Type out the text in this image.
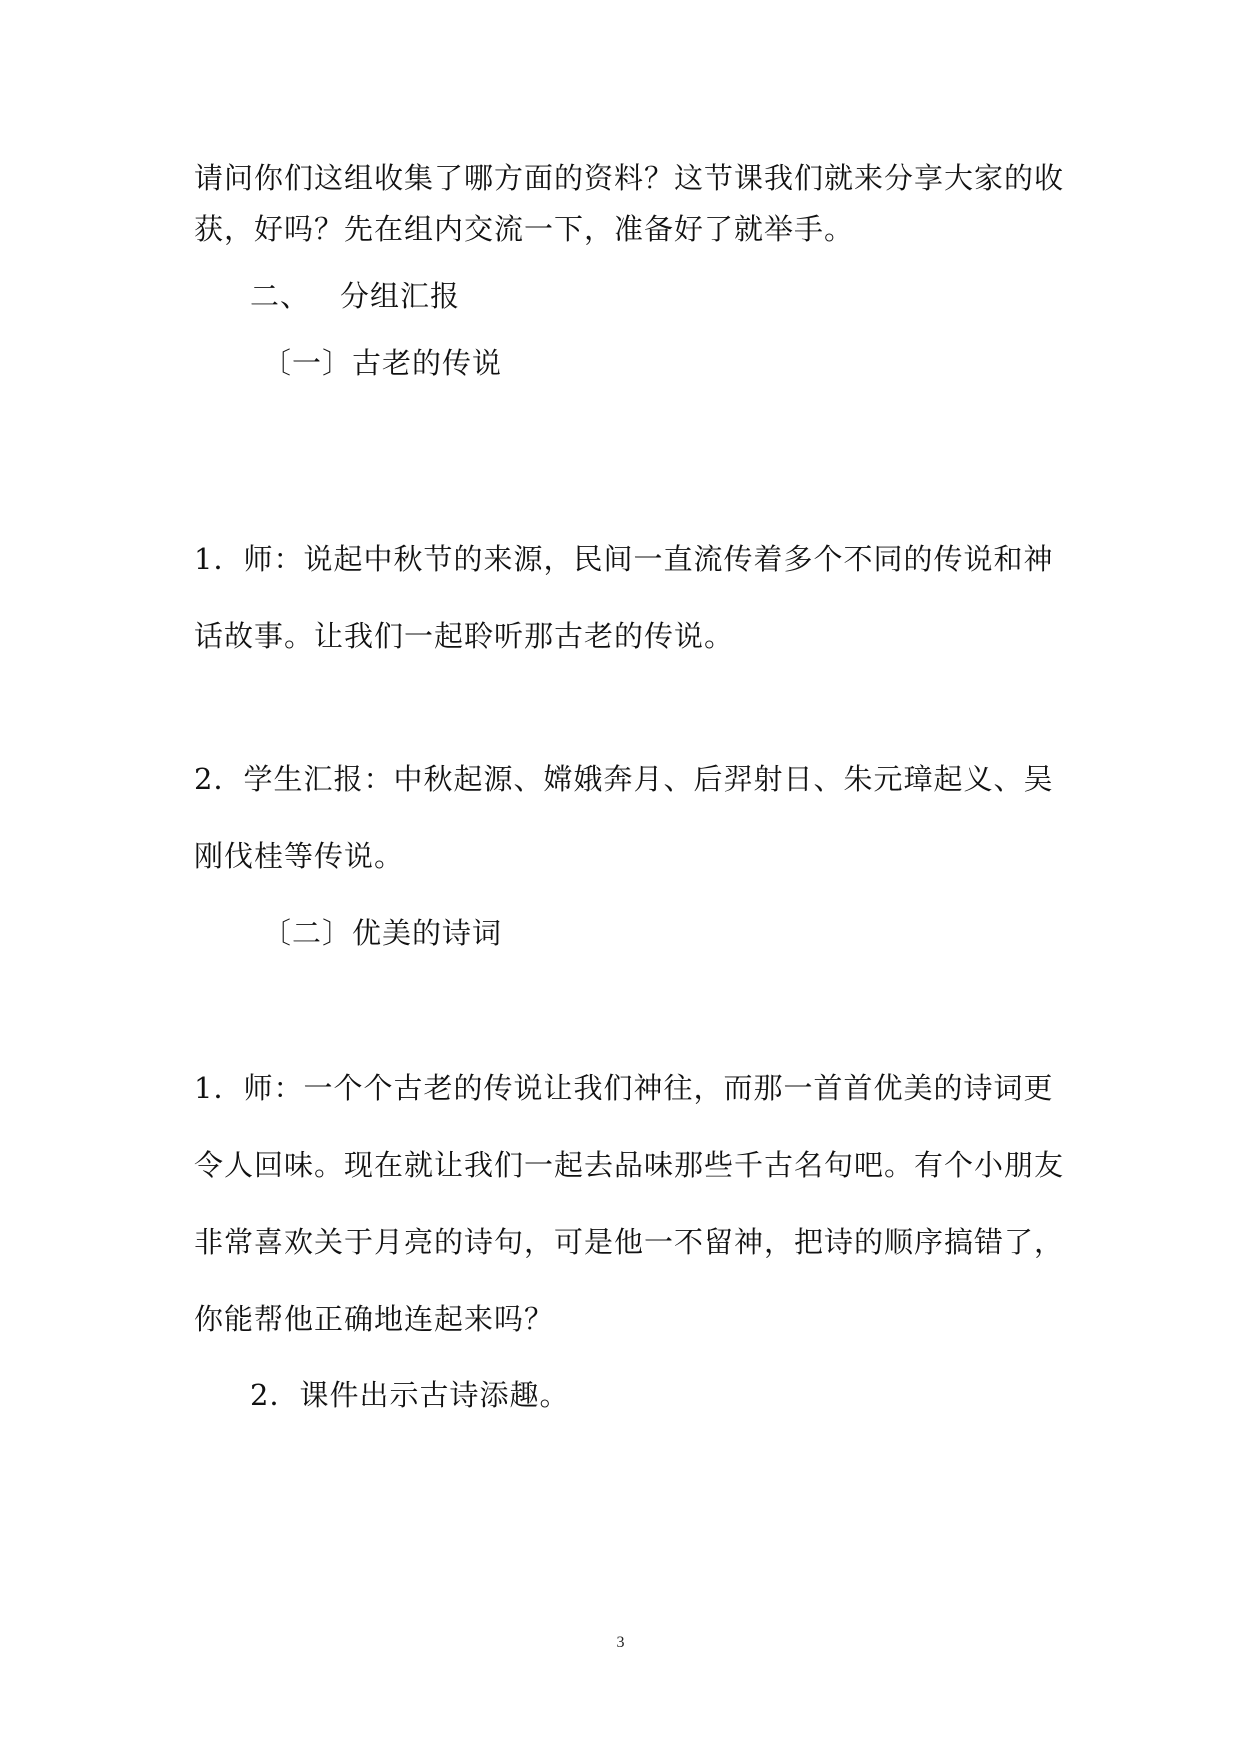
请问你们这组收集了哪方面的资料？这节课我们就来分享大家的收
获，好吗？先在组内交流一下，准备好了就举手。
二、 分组汇报
〔一〕古老的传说
1．师：说起中秋节的来源，民间一直流传着多个不同的传说和神
话故事。让我们一起聆听那古老的传说。
2．学生汇报：中秋起源、嫦娥奔月、后羿射日、朱元璋起义、吴
刚伐桂等传说。
〔二〕优美的诗词
1．师：一个个古老的传说让我们神往，而那一首首优美的诗词更
令人回味。现在就让我们一起去品味那些千古名句吧。有个小朋友
非常喜欢关于月亮的诗句，可是他一不留神，把诗的顺序搞错了，
你能帮他正确地连起来吗？
2．课件出示古诗添趣。
3
